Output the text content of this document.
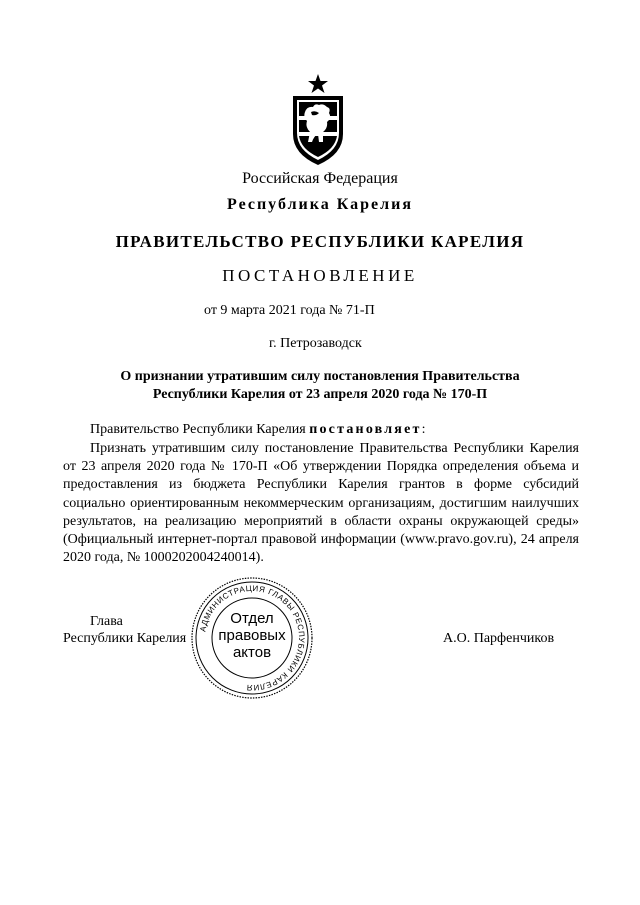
Российская Федерация
Республика Карелия
ПРАВИТЕЛЬСТВО РЕСПУБЛИКИ КАРЕЛИЯ
ПОСТАНОВЛЕНИЕ
от 9 марта 2021 года № 71-П
г. Петрозаводск
О признании утратившим силу постановления Правительства
Республики Карелия от 23 апреля 2020 года № 170-П
Правительство Республики Карелия постановляет:
Признать утратившим силу постановление Правительства Республики Карелия от 23 апреля 2020 года № 170-П «Об утверждении Порядка определения объема и предоставления из бюджета Республики Карелия грантов в форме субсидий социально ориентированным некоммерческим организациям, достигшим наилучших результатов, на реализацию мероприятий в области охраны окружающей среды» (Официальный интернет-портал правовой информации (www.pravo.gov.ru), 24 апреля 2020 года, № 1000202004240014).
Глава
Республики Карелия	А.О. Парфенчиков
АДМИНИСТРАЦИЯ ГЛАВЫ РЕСПУБЛИКИ КАРЕЛИЯ
Отдел
правовых
актов
